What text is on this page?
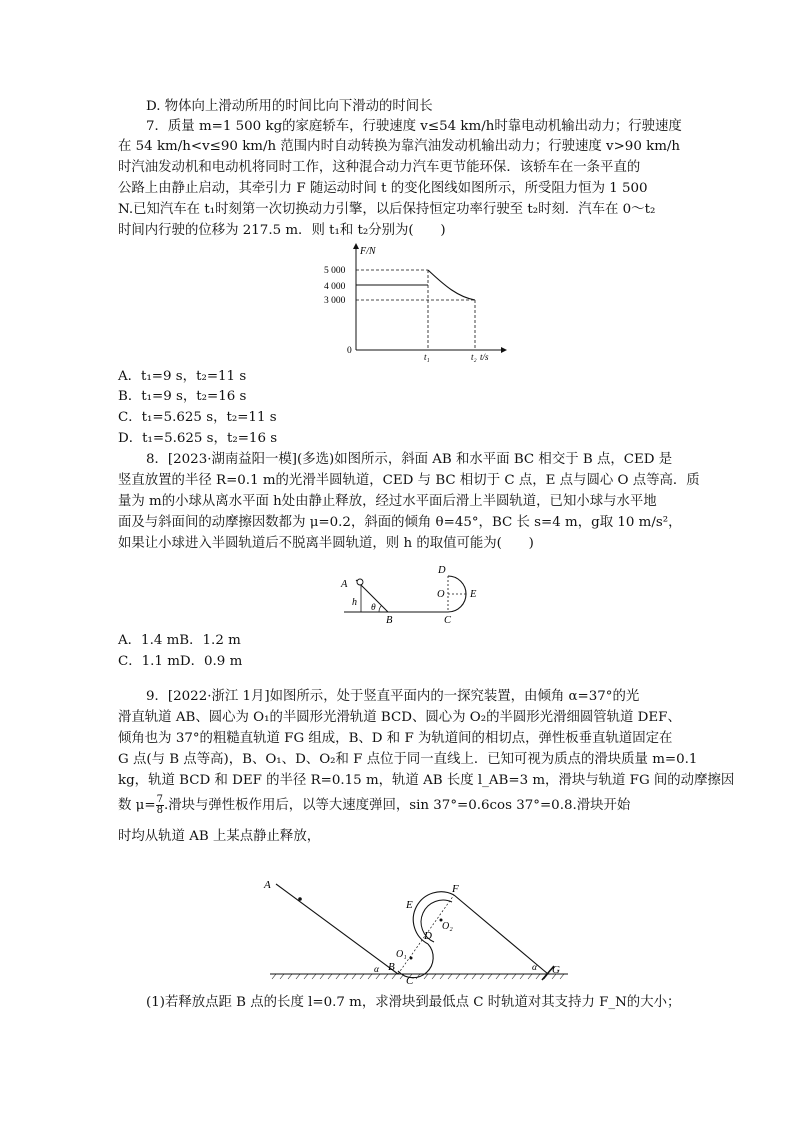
D. 物体向上滑动所用的时间比向下滑动的时间长
7．质量 m=1 500 kg的家庭轿车，行驶速度 v≤54 km/h时靠电动机输出动力；行驶速度
在 54 km/h<v≤90 km/h 范围内时自动转换为靠汽油发动机输出动力；行驶速度 v>90 km/h
时汽油发动机和电动机将同时工作，这种混合动力汽车更节能环保．该轿车在一条平直的
公路上由静止启动，其牵引力 F 随运动时间 t 的变化图线如图所示，所受阻力恒为 1 500
N.已知汽车在 t₁时刻第一次切换动力引擎，以后保持恒定功率行驶至 t₂时刻．汽车在 0～t₂
时间内行驶的位移为 217.5 m．则 t₁和 t₂分别为(　　)
F/N
t/s
5 000
4 000
3 000
0
t₁	t₂
A．t₁=9 s，t₂=11 s
B．t₁=9 s，t₂=16 s
C．t₁=5.625 s，t₂=11 s
D．t₁=5.625 s，t₂=16 s
8．[2023·湖南益阳一模](多选)如图所示，斜面 AB 和水平面 BC 相交于 B 点，CED 是
竖直放置的半径 R=0.1 m的光滑半圆轨道，CED 与 BC 相切于 C 点，E 点与圆心 O 点等高．质
量为 m的小球从离水平面 h处由静止释放，经过水平面后滑上半圆轨道，已知小球与水平地
面及与斜面间的动摩擦因数都为 μ=0.2，斜面的倾角 θ=45°，BC 长 s=4 m，g取 10 m/s²，
如果让小球进入半圆轨道后不脱离半圆轨道，则 h 的取值可能为(　　)
A
h θ
B	C
D
O E
A．1.4 mB．1.2 m
C．1.1 mD．0.9 m
9．[2022·浙江 1月]如图所示，处于竖直平面内的一探究装置，由倾角 α=37°的光
滑直轨道 AB、圆心为 O₁的半圆形光滑轨道 BCD、圆心为 O₂的半圆形光滑细圆管轨道 DEF、
倾角也为 37°的粗糙直轨道 FG 组成，B、D 和 F 为轨道间的相切点，弹性板垂直轨道固定在
G 点(与 B 点等高)，B、O₁、D、O₂和 F 点位于同一直线上．已知可视为质点的滑块质量 m=0.1
kg，轨道 BCD 和 DEF 的半径 R=0.15 m，轨道 AB 长度 l_AB=3 m，滑块与轨道 FG 间的动摩擦因
数 $\mu= \frac{7}{8}$ .滑块与弹性板作用后，以等大速度弹回，sin 37°=0.6cos 37°=0.8.滑块开始
时均从轨道 AB 上某点静止释放，
A
E
F
O₂
D
O₁
B
C
α	α G
(1)若释放点距 B 点的长度 l=0.7 m，求滑块到最低点 C 时轨道对其支持力 F_N的大小；
